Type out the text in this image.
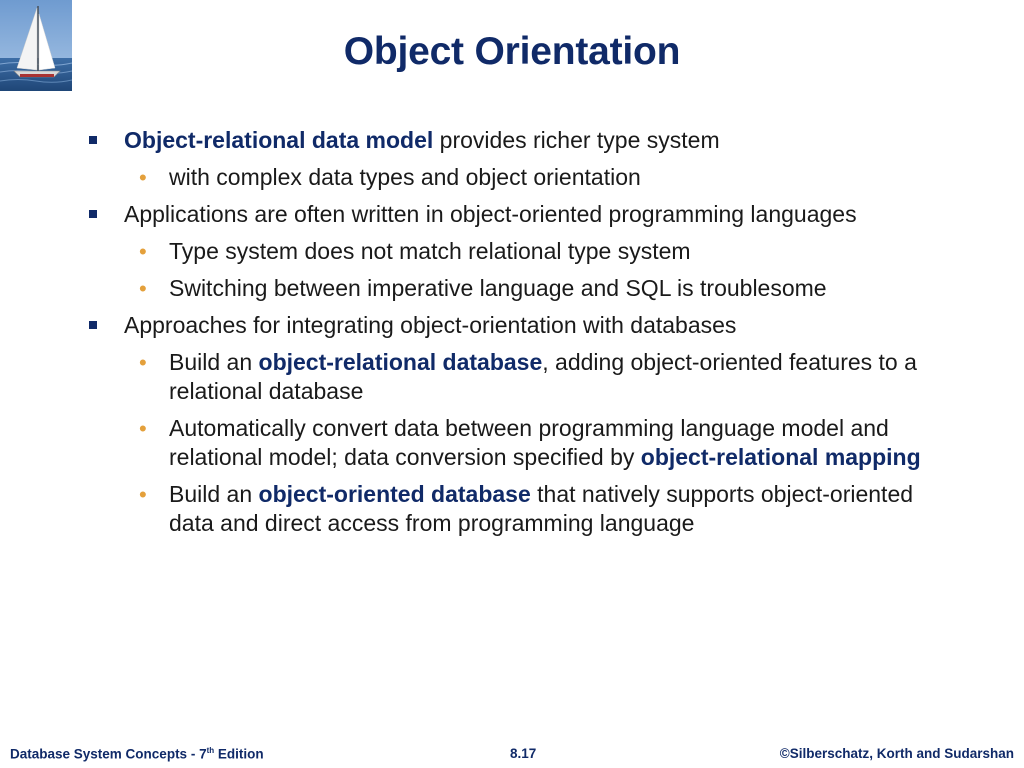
Object Orientation
Object-relational data model provides richer type system
• with complex data types and object orientation
Applications are often written in object-oriented programming languages
• Type system does not match relational type system
• Switching between imperative language and SQL is troublesome
Approaches for integrating object-orientation with databases
• Build an object-relational database, adding object-oriented features to a relational database
• Automatically convert data between programming language model and relational model; data conversion specified by object-relational mapping
• Build an object-oriented database that natively supports object-oriented data and direct access from programming language
Database System Concepts - 7th Edition	8.17	©Silberschatz, Korth and Sudarshan
